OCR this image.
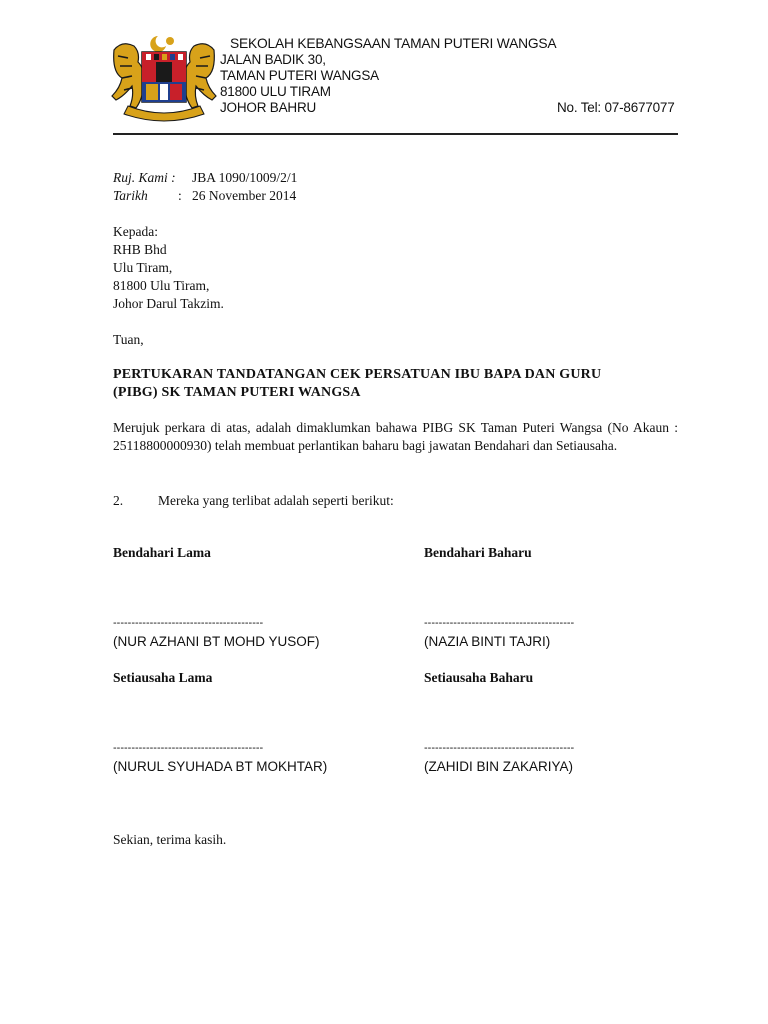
SEKOLAH KEBANGSAAN TAMAN PUTERI WANGSA
JALAN BADIK 30,
TAMAN PUTERI WANGSA
81800 ULU TIRAM
JOHOR BAHRU	No. Tel: 07-8677077
Ruj. Kami : JBA 1090/1009/2/1
Tarikh : 26 November 2014
Kepada:
RHB Bhd
Ulu Tiram,
81800 Ulu Tiram,
Johor Darul Takzim.
Tuan,
PERTUKARAN TANDATANGAN CEK PERSATUAN IBU BAPA DAN GURU
(PIBG) SK TAMAN PUTERI WANGSA
Merujuk perkara di atas, adalah dimaklumkan bahawa PIBG SK Taman Puteri Wangsa (No Akaun : 25118800000930) telah membuat perlantikan baharu bagi jawatan Bendahari dan Setiausaha.
2.	Mereka yang terlibat adalah seperti berikut:
Bendahari Lama	Bendahari Baharu
-----------------------------------------	-----------------------------------------
(NUR AZHANI BT MOHD YUSOF)	(NAZIA BINTI TAJRI)
Setiausaha Lama	Setiausaha Baharu
-----------------------------------------	-----------------------------------------
(NURUL SYUHADA BT MOKHTAR)	(ZAHIDI BIN ZAKARIYA)
Sekian, terima kasih.
